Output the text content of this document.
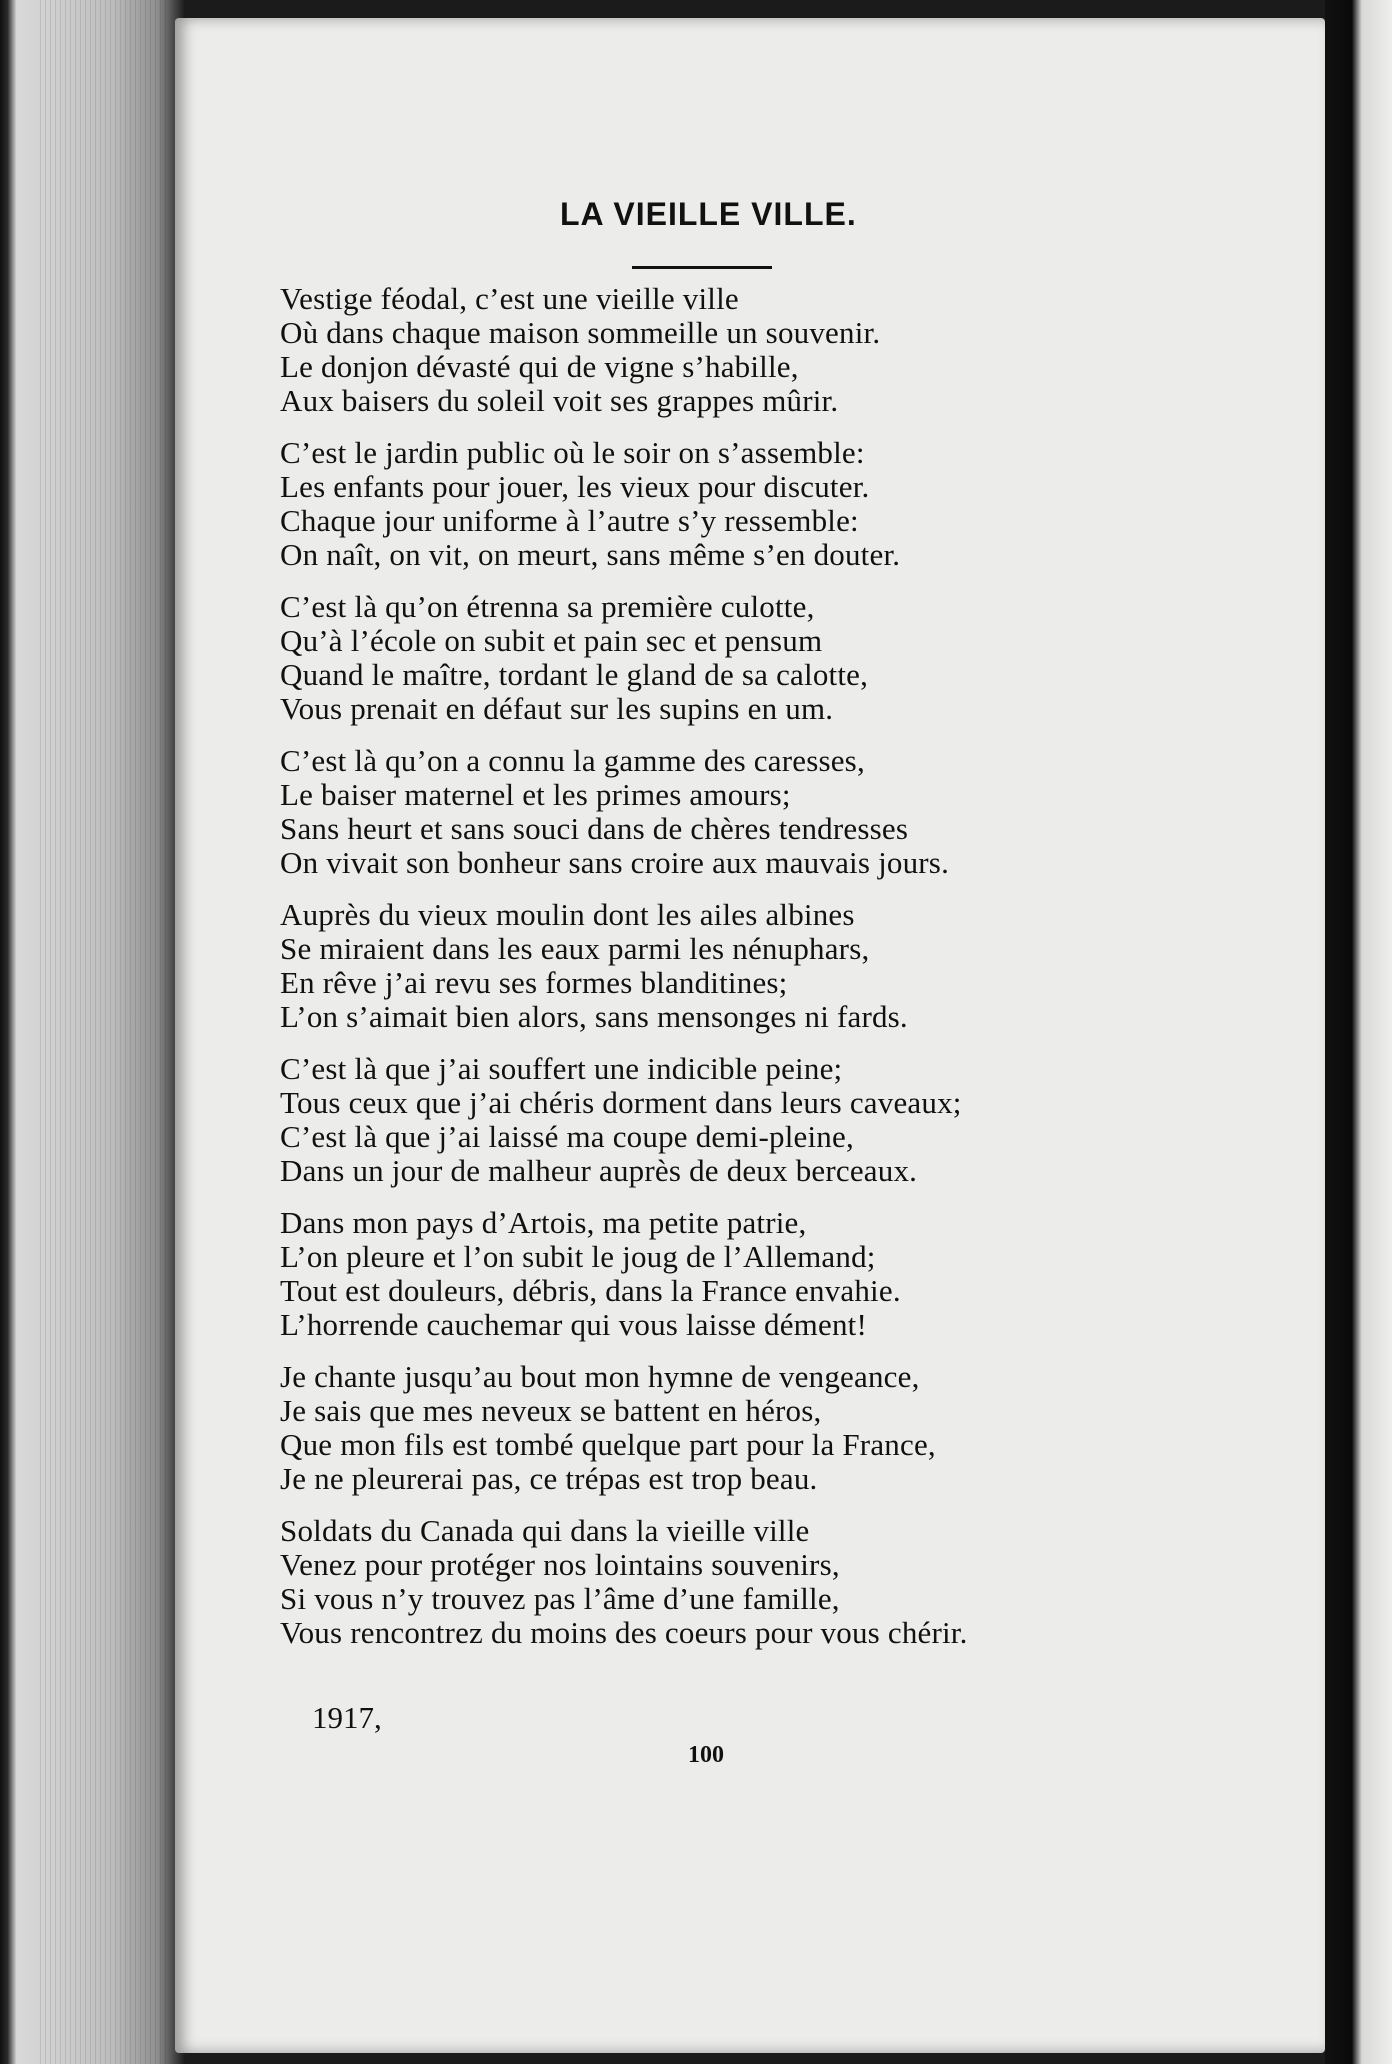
LA VIEILLE VILLE.
Vestige féodal, c’est une vieille ville
Où dans chaque maison sommeille un souvenir.
Le donjon dévasté qui de vigne s’habille,
Aux baisers du soleil voit ses grappes mûrir.
C’est le jardin public où le soir on s’assemble:
Les enfants pour jouer, les vieux pour discuter.
Chaque jour uniforme à l’autre s’y ressemble:
On naît, on vit, on meurt, sans même s’en douter.
C’est là qu’on étrenna sa première culotte,
Qu’à l’école on subit et pain sec et pensum
Quand le maître, tordant le gland de sa calotte,
Vous prenait en défaut sur les supins en um.
C’est là qu’on a connu la gamme des caresses,
Le baiser maternel et les primes amours;
Sans heurt et sans souci dans de chères tendresses
On vivait son bonheur sans croire aux mauvais jours.
Auprès du vieux moulin dont les ailes albines
Se miraient dans les eaux parmi les nénuphars,
En rêve j’ai revu ses formes blanditines;
L’on s’aimait bien alors, sans mensonges ni fards.
C’est là que j’ai souffert une indicible peine;
Tous ceux que j’ai chéris dorment dans leurs caveaux;
C’est là que j’ai laissé ma coupe demi-pleine,
Dans un jour de malheur auprès de deux berceaux.
Dans mon pays d’Artois, ma petite patrie,
L’on pleure et l’on subit le joug de l’Allemand;
Tout est douleurs, débris, dans la France envahie.
L’horrende cauchemar qui vous laisse dément!
Je chante jusqu’au bout mon hymne de vengeance,
Je sais que mes neveux se battent en héros,
Que mon fils est tombé quelque part pour la France,
Je ne pleurerai pas, ce trépas est trop beau.
Soldats du Canada qui dans la vieille ville
Venez pour protéger nos lointains souvenirs,
Si vous n’y trouvez pas l’âme d’une famille,
Vous rencontrez du moins des coeurs pour vous chérir.
1917,
100
